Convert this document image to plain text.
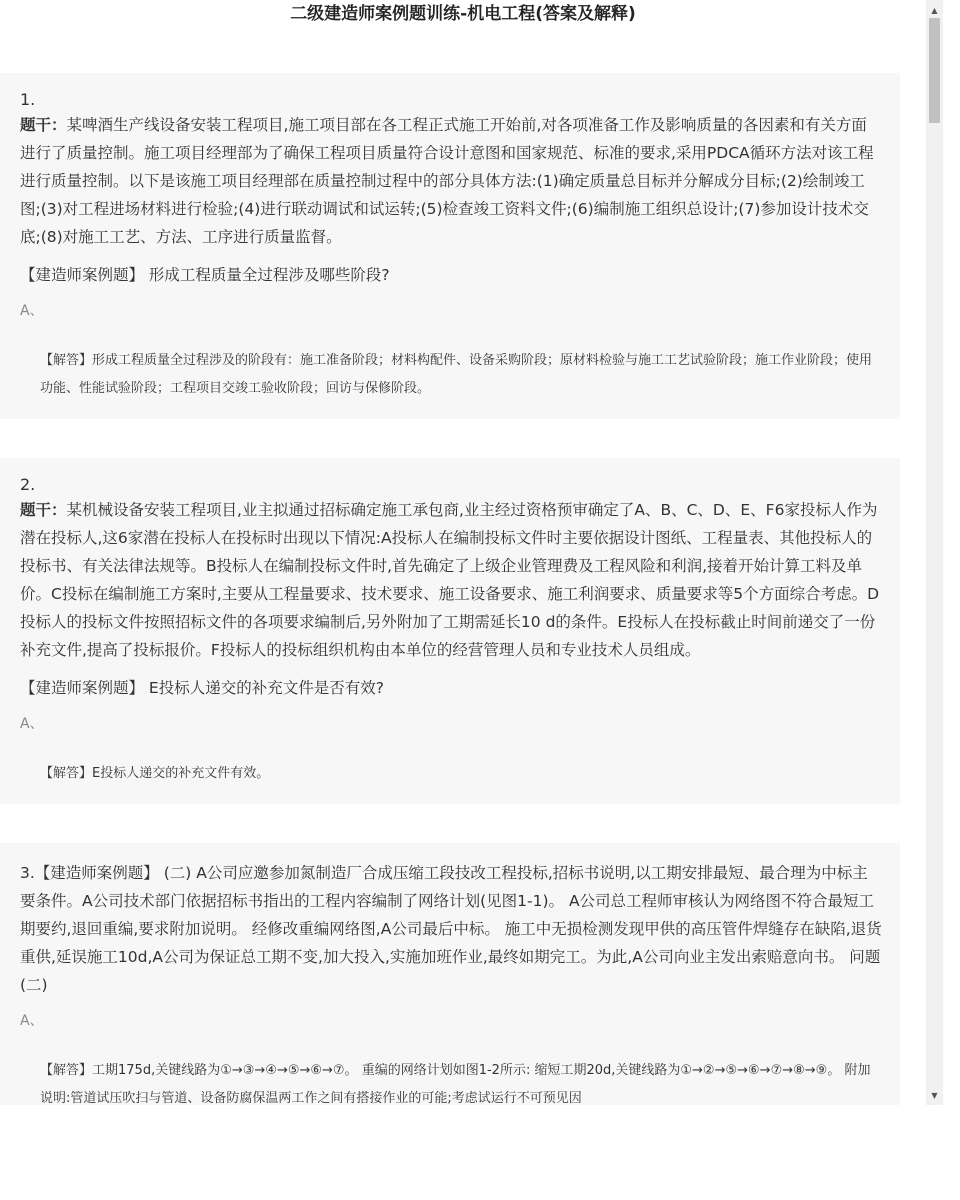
二级建造师案例题训练-机电工程(答案及解释)

1.

题干：某啤酒生产线设备安装工程项目,施工项目部在各工程正式施工开始前,对各项准备工作及影响质量的各因素和有关方面进行了质量控制。施工项目经理部为了确保工程项目质量符合设计意图和国家规范、标准的要求,采用PDCA循环方法对该工程进行质量控制。以下是该施工项目经理部在质量控制过程中的部分具体方法:(1)确定质量总目标并分解成分目标;(2)绘制竣工图;(3)对工程进场材料进行检验;(4)进行联动调试和试运转;(5)检查竣工资料文件;(6)编制施工组织总设计;(7)参加设计技术交底;(8)对施工工艺、方法、工序进行质量监督。

【建造师案例题】 形成工程质量全过程涉及哪些阶段?

A、

【解答】形成工程质量全过程涉及的阶段有：施工准备阶段；材料构配件、设备采购阶段；原材料检验与施工工艺试验阶段；施工作业阶段；使用功能、性能试验阶段；工程项目交竣工验收阶段；回访与保修阶段。

2.

题干：某机械设备安装工程项目,业主拟通过招标确定施工承包商,业主经过资格预审确定了A、B、C、D、E、F6家投标人作为潜在投标人,这6家潜在投标人在投标时出现以下情况:A投标人在编制投标文件时主要依据设计图纸、工程量表、其他投标人的投标书、有关法律法规等。B投标人在编制投标文件时,首先确定了上级企业管理费及工程风险和利润,接着开始计算工料及单价。C投标在编制施工方案时,主要从工程量要求、技术要求、施工设备要求、施工利润要求、质量要求等5个方面综合考虑。D投标人的投标文件按照招标文件的各项要求编制后,另外附加了工期需延长10 d的条件。E投标人在投标截止时间前递交了一份补充文件,提高了投标报价。F投标人的投标组织机构由本单位的经营管理人员和专业技术人员组成。

【建造师案例题】 E投标人递交的补充文件是否有效?

A、

【解答】E投标人递交的补充文件有效。

3.【建造师案例题】 (二) A公司应邀参加氮制造厂合成压缩工段技改工程投标,招标书说明,以工期安排最短、最合理为中标主要条件。A公司技术部门依据招标书指出的工程内容编制了网络计划(见图1-1)。 A公司总工程师审核认为网络图不符合最短工期要约,退回重编,要求附加说明。 经修改重编网络图,A公司最后中标。 施工中无损检测发现甲供的高压管件焊缝存在缺陷,退货重供,延误施工10d,A公司为保证总工期不变,加大投入,实施加班作业,最终如期完工。为此,A公司向业主发出索赔意向书。 问题(二)

A、

【解答】工期175d,关键线路为①→③→④→⑤→⑥→⑦。 重编的网络计划如图1-2所示: 缩短工期20d,关键线路为①→②→⑤→⑥→⑦→⑧→⑨。 附加说明:管道试压吹扫与管道、设备防腐保温两工作之间有搭接作业的可能;考虑试运行不可预见因

▲
▼
